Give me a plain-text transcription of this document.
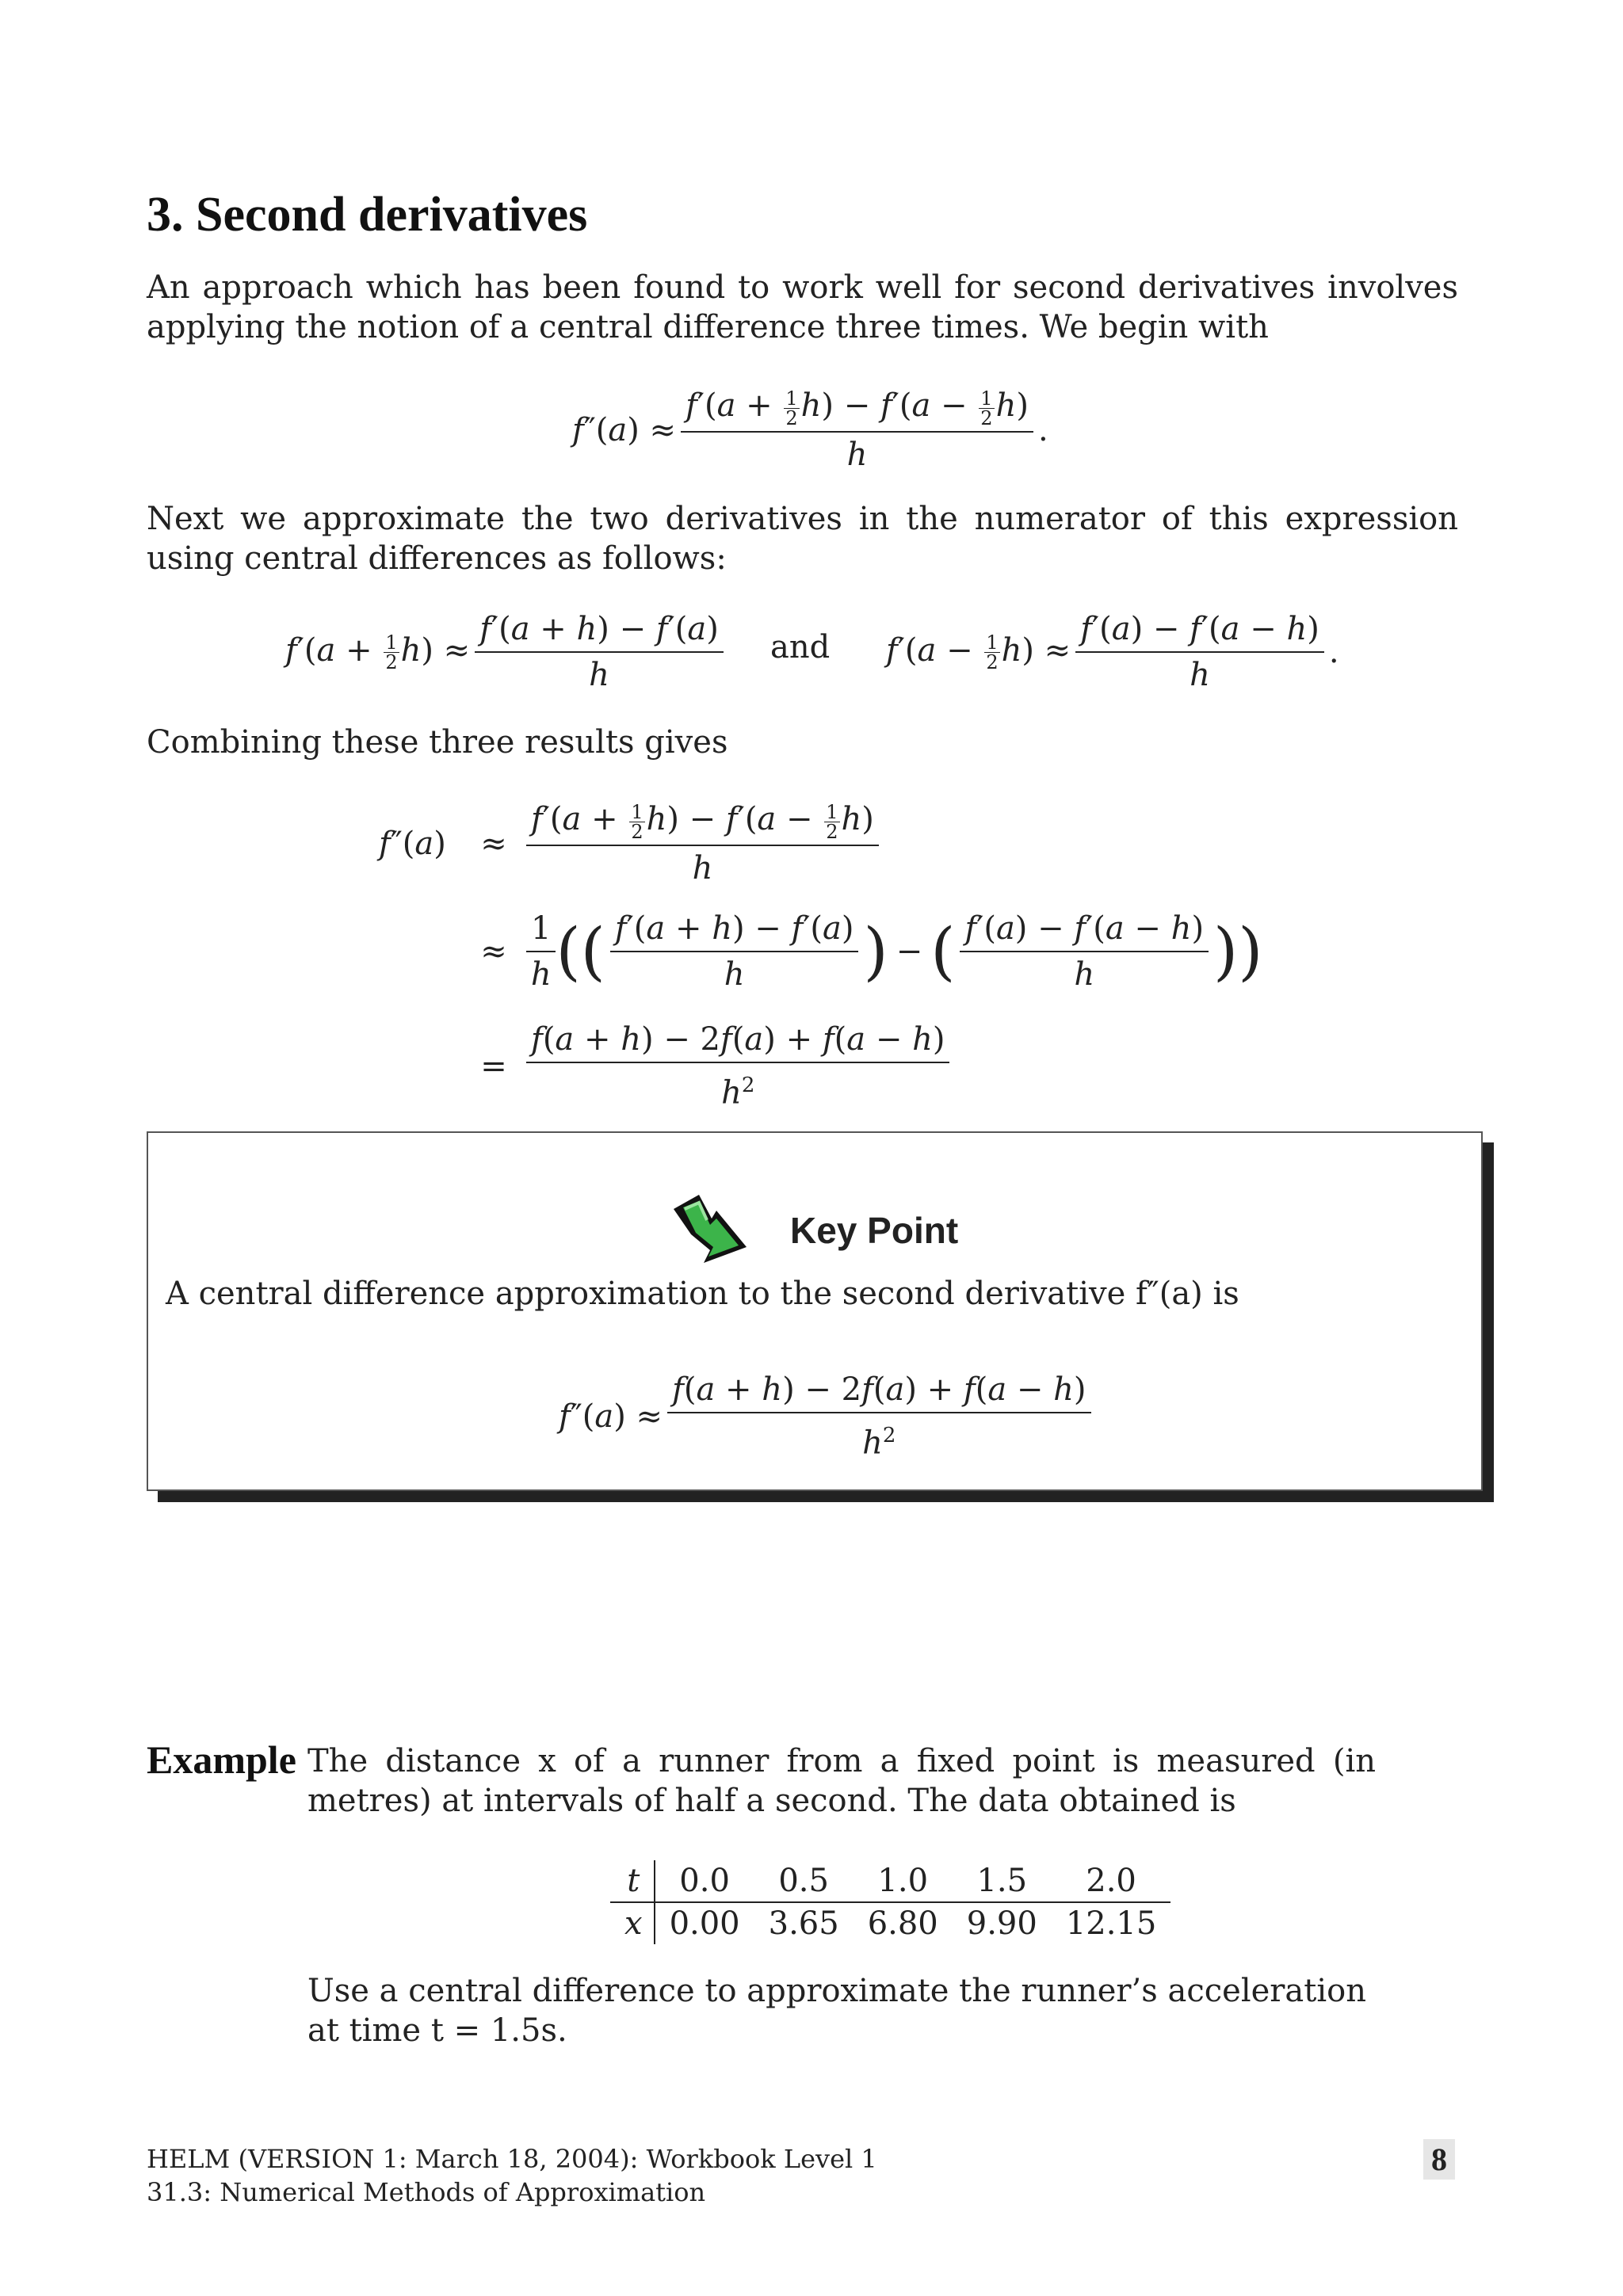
3. Second derivatives
An approach which has been found to work well for second derivatives involves applying the notion of a central difference three times. We begin with
$f''(a) \approx \frac{f'(a + \frac{1}{2} h) - f'(a - \frac{1}{2} h)}{h}$ .
Next we approximate the two derivatives in the numerator of this expression using central differences as follows:
$f'(a + \frac{1}{2} h) \approx \frac{f'(a + h) - f'(a)}{h}$ and $f'(a - \frac{1}{2} h) \approx \frac{f'(a) - f'(a - h)}{h}$ .
Combining these three results gives
f″(a)	≈ $\frac{f'(a + \frac{1}{2} h) - f'(a - \frac{1}{2} h)}{h}$
≈ $\frac{1}{h}$ (( $\frac{f'(a + h) - f'(a)}{h}$ ) − ( $\frac{f'(a) - f'(a - h)}{h}$ ))
= $\frac{f(a + h) - 2f(a) + f(a - h)}{h^2}$
Key Point
A central difference approximation to the second derivative f″(a) is
$f''(a) \approx \frac{f(a + h) - 2f(a) + f(a - h)}{h^2}$
Example The distance x of a runner from a fixed point is measured (in metres) at intervals of half a second. The data obtained is
t	0.0	0.5	1.0	1.5	2.0
x	0.00	3.65	6.80	9.90	12.15
Use a central difference to approximate the runner’s acceleration at time t = 1.5s.
HELM (VERSION 1: March 18, 2004): Workbook Level 1
31.3: Numerical Methods of Approximation
8
